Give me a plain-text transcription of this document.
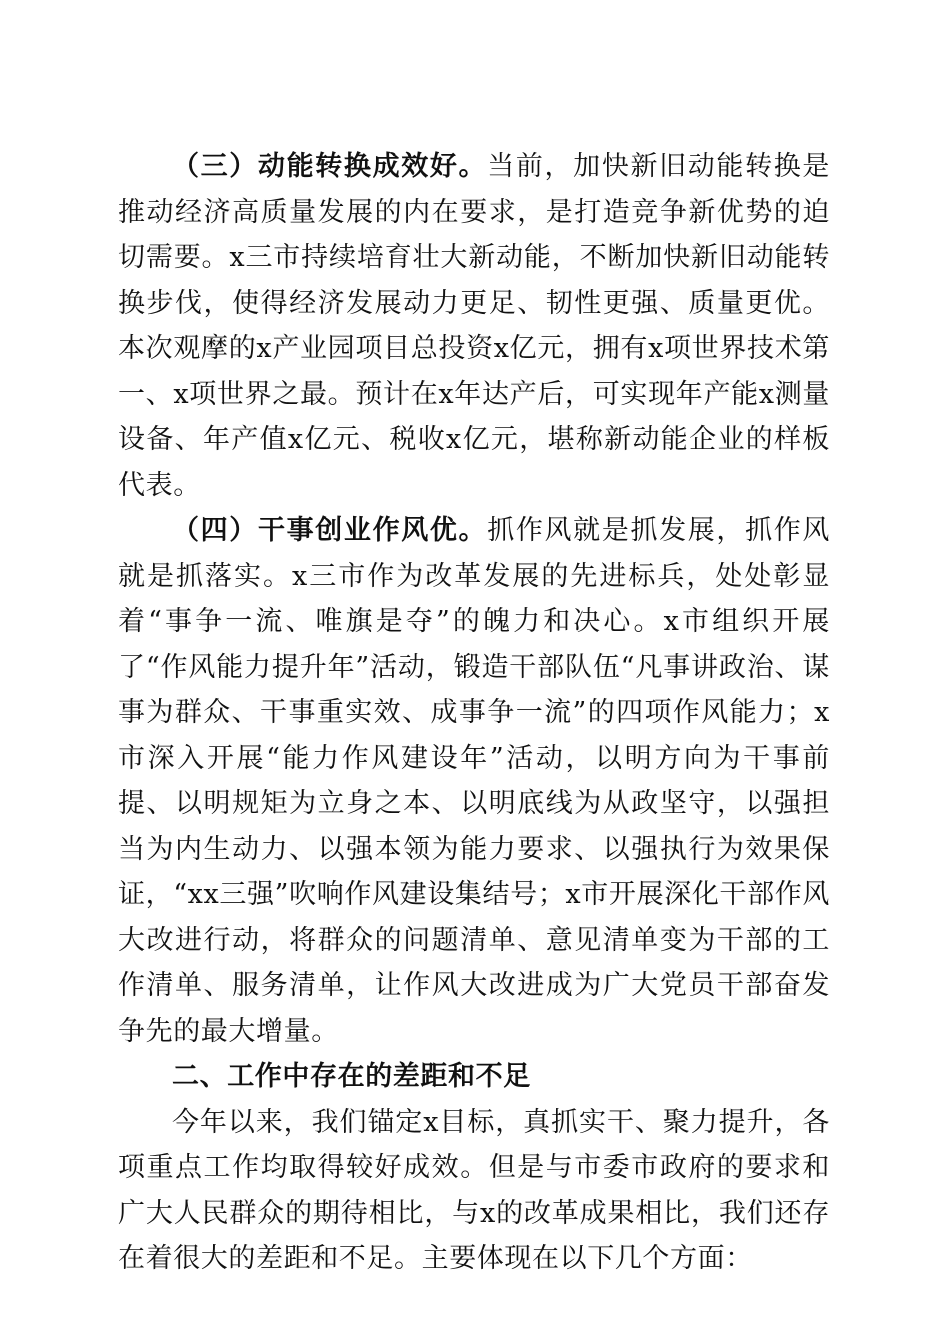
（三）动能转换成效好。当前，加快新旧动能转换是推动经济高质量发展的内在要求，是打造竞争新优势的迫切需要。x三市持续培育壮大新动能，不断加快新旧动能转换步伐，使得经济发展动力更足、韧性更强、质量更优。本次观摩的x产业园项目总投资x亿元，拥有x项世界技术第一、x项世界之最。预计在x年达产后，可实现年产能x测量设备、年产值x亿元、税收x亿元，堪称新动能企业的样板代表。

（四）干事创业作风优。抓作风就是抓发展，抓作风就是抓落实。x三市作为改革发展的先进标兵，处处彰显着“事争一流、唯旗是夺”的魄力和决心。x市组织开展了“作风能力提升年”活动，锻造干部队伍“凡事讲政治、谋事为群众、干事重实效、成事争一流”的四项作风能力；x市深入开展“能力作风建设年”活动，以明方向为干事前提、以明规矩为立身之本、以明底线为从政坚守，以强担当为内生动力、以强本领为能力要求、以强执行为效果保证，“xx三强”吹响作风建设集结号；x市开展深化干部作风大改进行动，将群众的问题清单、意见清单变为干部的工作清单、服务清单，让作风大改进成为广大党员干部奋发争先的最大增量。

二、工作中存在的差距和不足

今年以来，我们锚定x目标，真抓实干、聚力提升，各项重点工作均取得较好成效。但是与市委市政府的要求和广大人民群众的期待相比，与x的改革成果相比，我们还存在着很大的差距和不足。主要体现在以下几个方面：
